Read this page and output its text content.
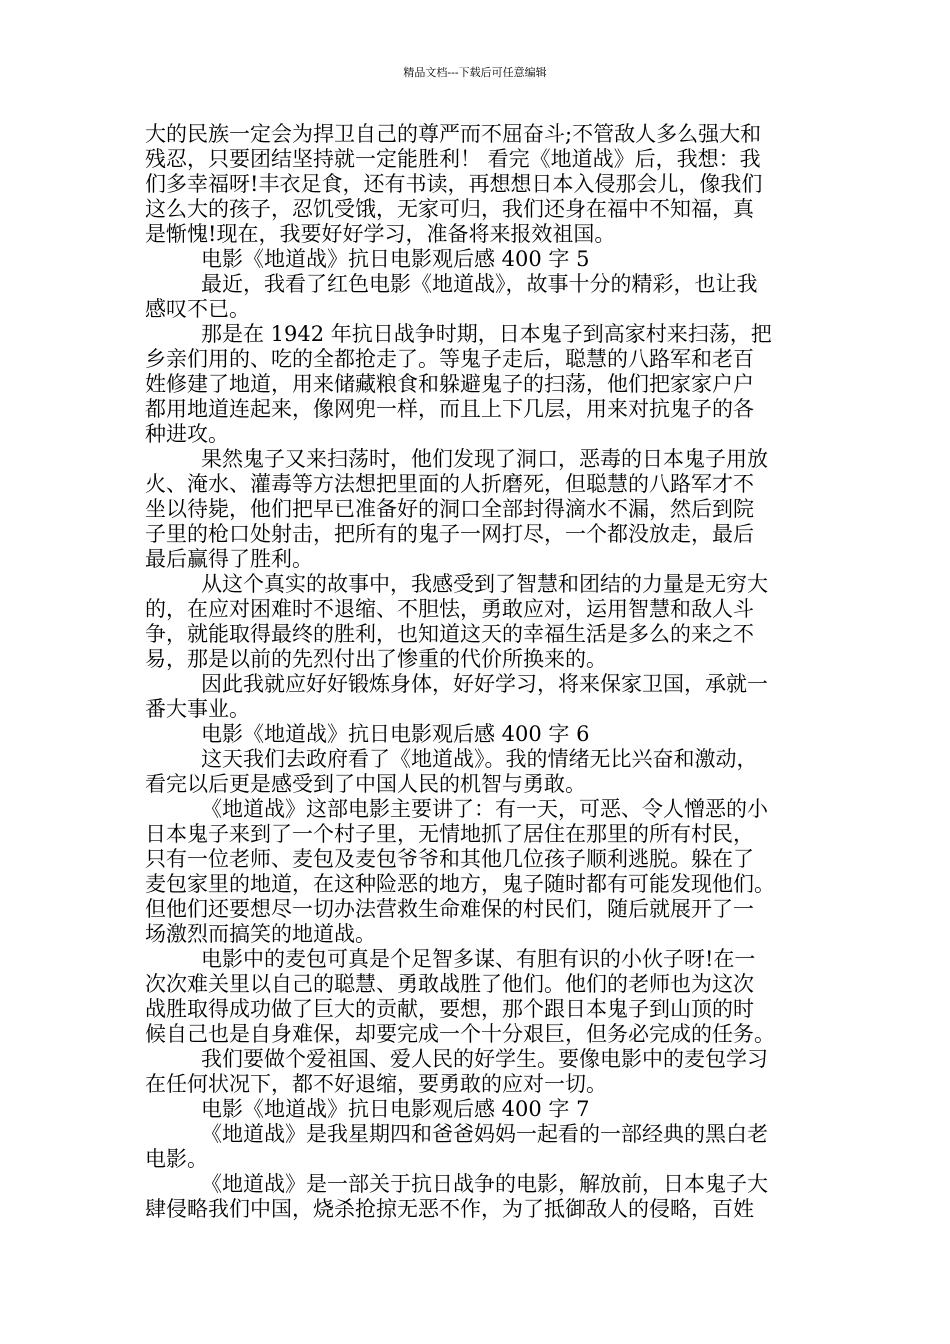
精品文档---下载后可任意编辑
大的民族一定会为捍卫自己的尊严而不屈奋斗;不管敌人多么强大和
残忍，只要团结坚持就一定能胜利！ 看完《地道战》后，我想：我
们多幸福呀!丰衣足食，还有书读，再想想日本入侵那会儿，像我们
这么大的孩子，忍饥受饿，无家可归，我们还身在福中不知福，真
是惭愧!现在，我要好好学习，准备将来报效祖国。
电影《地道战》抗日电影观后感 400 字 5
最近，我看了红色电影《地道战》，故事十分的精彩，也让我
感叹不已。
那是在 1942 年抗日战争时期，日本鬼子到高家村来扫荡，把
乡亲们用的、吃的全都抢走了。等鬼子走后，聪慧的八路军和老百
姓修建了地道，用来储藏粮食和躲避鬼子的扫荡，他们把家家户户
都用地道连起来，像网兜一样，而且上下几层，用来对抗鬼子的各
种进攻。
果然鬼子又来扫荡时，他们发现了洞口，恶毒的日本鬼子用放
火、淹水、灌毒等方法想把里面的人折磨死，但聪慧的八路军才不
坐以待毙，他们把早已准备好的洞口全部封得滴水不漏，然后到院
子里的枪口处射击，把所有的鬼子一网打尽，一个都没放走，最后
最后赢得了胜利。
从这个真实的故事中，我感受到了智慧和团结的力量是无穷大
的，在应对困难时不退缩、不胆怯，勇敢应对，运用智慧和敌人斗
争，就能取得最终的胜利，也知道这天的幸福生活是多么的来之不
易，那是以前的先烈付出了惨重的代价所换来的。
因此我就应好好锻炼身体，好好学习，将来保家卫国，承就一
番大事业。
电影《地道战》抗日电影观后感 400 字 6
这天我们去政府看了《地道战》。我的情绪无比兴奋和激动，
看完以后更是感受到了中国人民的机智与勇敢。
《地道战》这部电影主要讲了：有一天，可恶、令人憎恶的小
日本鬼子来到了一个村子里，无情地抓了居住在那里的所有村民，
只有一位老师、麦包及麦包爷爷和其他几位孩子顺利逃脱。躲在了
麦包家里的地道，在这种险恶的地方，鬼子随时都有可能发现他们。
但他们还要想尽一切办法营救生命难保的村民们，随后就展开了一
场激烈而搞笑的地道战。
电影中的麦包可真是个足智多谋、有胆有识的小伙子呀!在一
次次难关里以自己的聪慧、勇敢战胜了他们。他们的老师也为这次
战胜取得成功做了巨大的贡献，要想，那个跟日本鬼子到山顶的时
候自己也是自身难保，却要完成一个十分艰巨，但务必完成的任务。
我们要做个爱祖国、爱人民的好学生。要像电影中的麦包学习
在任何状况下，都不好退缩，要勇敢的应对一切。
电影《地道战》抗日电影观后感 400 字 7
《地道战》是我星期四和爸爸妈妈一起看的一部经典的黑白老
电影。
《地道战》是一部关于抗日战争的电影，解放前，日本鬼子大
肆侵略我们中国，烧杀抢掠无恶不作，为了抵御敌人的侵略，百姓
